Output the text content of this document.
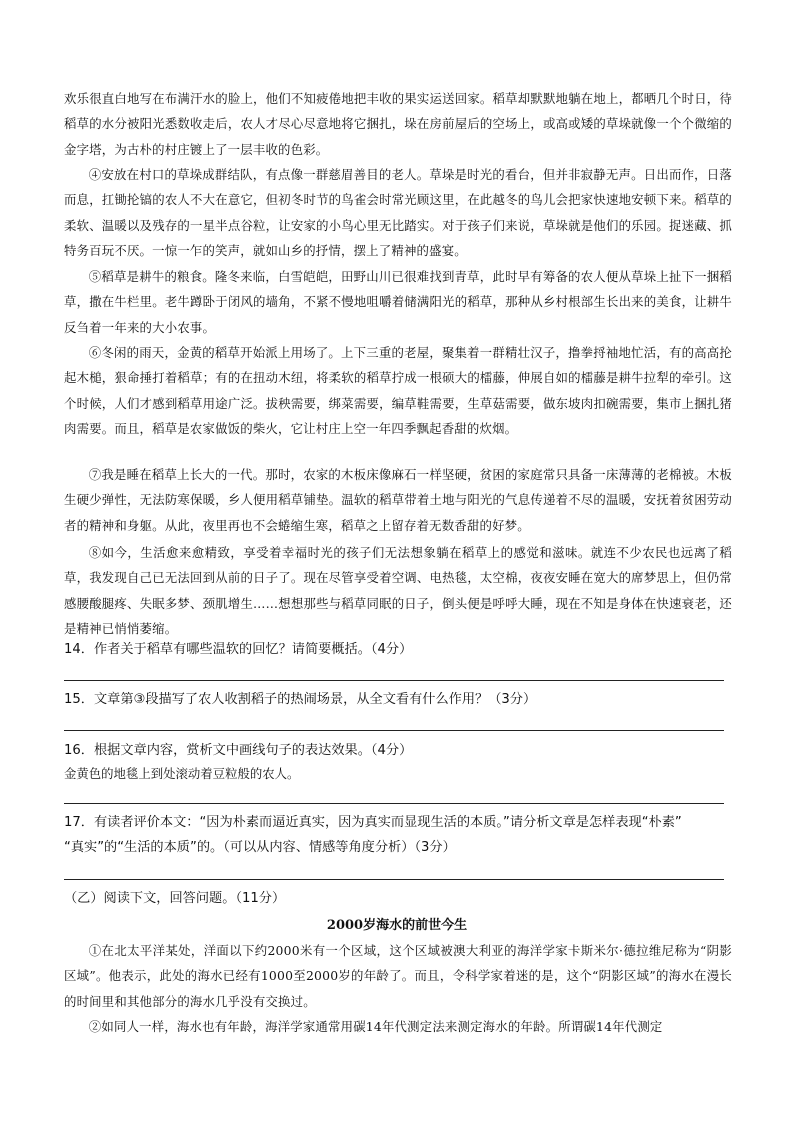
欢乐很直白地写在布满汗水的脸上，他们不知疲倦地把丰收的果实运送回家。稻草却默默地躺在地上，都晒几个时日，待稻草的水分被阳光悉数收走后，农人才尽心尽意地将它捆扎，垛在房前屋后的空场上，或高或矮的草垛就像一个个微缩的金字塔，为古朴的村庄镀上了一层丰收的色彩。
④安放在村口的草垛成群结队，有点像一群慈眉善目的老人。草垛是时光的看台，但并非寂静无声。日出而作，日落而息，扛锄抡镐的农人不大在意它，但初冬时节的鸟雀会时常光顾这里，在此越冬的鸟儿会把家快速地安顿下来。稻草的柔软、温暖以及残存的一星半点谷粒，让安家的小鸟心里无比踏实。对于孩子们来说，草垛就是他们的乐园。捉迷藏、抓特务百玩不厌。一惊一乍的笑声，就如山乡的抒情，摆上了精神的盛宴。
⑤稻草是耕牛的粮食。隆冬来临，白雪皑皑，田野山川已很难找到青草，此时早有筹备的农人便从草垛上扯下一捆稻草，撒在牛栏里。老牛蹲卧于闭风的墙角，不紧不慢地咀嚼着储满阳光的稻草，那种从乡村根部生长出来的美食，让耕牛反刍着一年来的大小农事。
⑥冬闲的雨天，金黄的稻草开始派上用场了。上下三重的老屋，聚集着一群精壮汉子，撸拳捋袖地忙活，有的高高抡起木槌，狠命捶打着稻草；有的在扭动木纽，将柔软的稻草拧成一根硕大的檑藤，伸展自如的檑藤是耕牛拉犁的牵引。这个时候，人们才感到稻草用途广泛。拔秧需要，绑菜需要，编草鞋需要，生草菇需要，做东坡肉扣碗需要，集市上捆扎猪肉需要。而且，稻草是农家做饭的柴火，它让村庄上空一年四季飘起香甜的炊烟。
⑦我是睡在稻草上长大的一代。那时，农家的木板床像麻石一样坚硬，贫困的家庭常只具备一床薄薄的老棉被。木板生硬少弹性，无法防寒保暖，乡人便用稻草铺垫。温软的稻草带着土地与阳光的气息传递着不尽的温暖，安抚着贫困劳动者的精神和身躯。从此，夜里再也不会蜷缩生寒，稻草之上留存着无数香甜的好梦。
⑧如今，生活愈来愈精致，享受着幸福时光的孩子们无法想象躺在稻草上的感觉和滋味。就连不少农民也远离了稻草，我发现自己已无法回到从前的日子了。现在尽管享受着空调、电热毯，太空棉，夜夜安睡在宽大的席梦思上，但仍常感腰酸腿疼、失眠多梦、颈肌增生……想想那些与稻草同眠的日子，倒头便是呼呼大睡，现在不知是身体在快速衰老，还是精神已悄悄萎缩。
14．作者关于稻草有哪些温软的回忆？请简要概括。（4分）
15．文章第③段描写了农人收割稻子的热闹场景，从全文看有什么作用？（3分）
16．根据文章内容，赏析文中画线句子的表达效果。（4分）
金黄色的地毯上到处滚动着豆粒般的农人。
17．有读者评价本文：“因为朴素而逼近真实，因为真实而显现生活的本质。”请分析文章是怎样表现“朴素”
“真实”的“生活的本质”的。（可以从内容、情感等角度分析）（3分）
（乙）阅读下文，回答问题。（11分）
2000岁海水的前世今生
①在北太平洋某处，洋面以下约2000米有一个区域，这个区域被澳大利亚的海洋学家卡斯米尔·德拉维尼称为“阴影区域”。他表示，此处的海水已经有1000至2000岁的年龄了。而且，令科学家着迷的是，这个“阴影区域”的海水在漫长的时间里和其他部分的海水几乎没有交换过。
②如同人一样，海水也有年龄，海洋学家通常用碳14年代测定法来测定海水的年龄。所谓碳14年代测定
